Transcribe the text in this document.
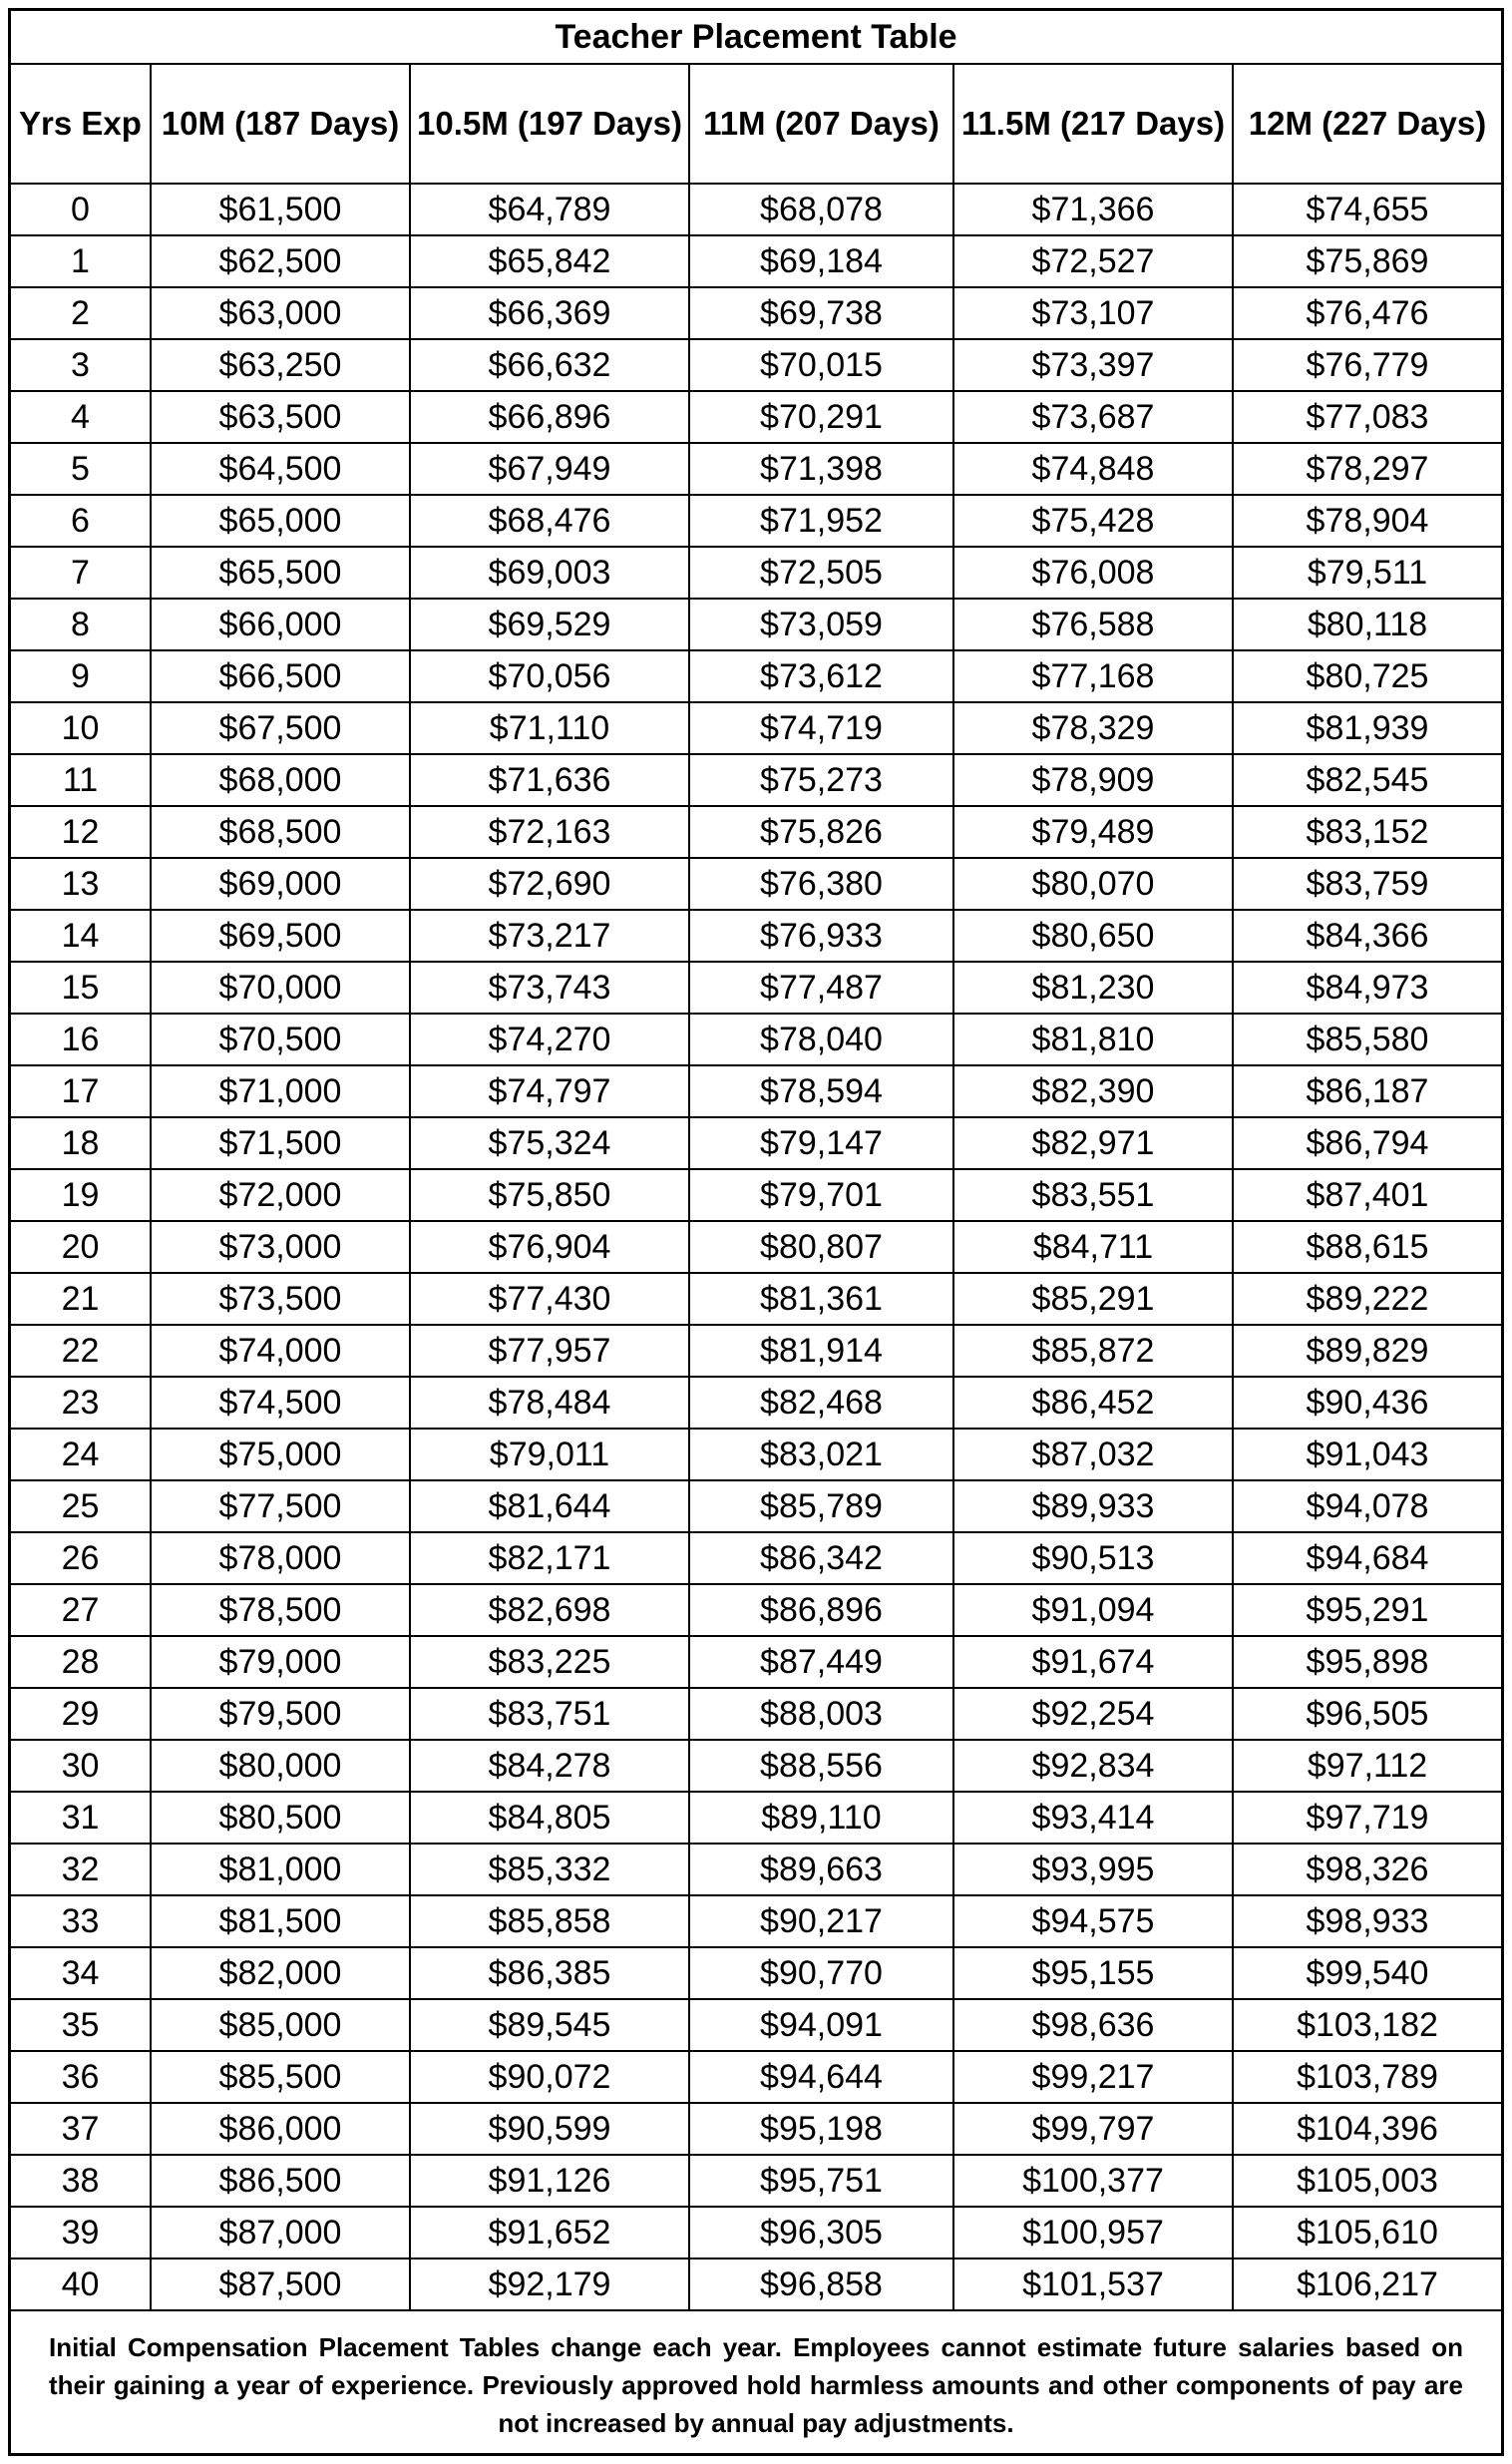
Teacher Placement Table					
Yrs Exp	10M (187 Days)	10.5M (197 Days)	11M (207 Days)	11.5M (217 Days)	12M (227 Days)
0	$61,500	$64,789	$68,078	$71,366	$74,655
1	$62,500	$65,842	$69,184	$72,527	$75,869
2	$63,000	$66,369	$69,738	$73,107	$76,476
3	$63,250	$66,632	$70,015	$73,397	$76,779
4	$63,500	$66,896	$70,291	$73,687	$77,083
5	$64,500	$67,949	$71,398	$74,848	$78,297
6	$65,000	$68,476	$71,952	$75,428	$78,904
7	$65,500	$69,003	$72,505	$76,008	$79,511
8	$66,000	$69,529	$73,059	$76,588	$80,118
9	$66,500	$70,056	$73,612	$77,168	$80,725
10	$67,500	$71,110	$74,719	$78,329	$81,939
11	$68,000	$71,636	$75,273	$78,909	$82,545
12	$68,500	$72,163	$75,826	$79,489	$83,152
13	$69,000	$72,690	$76,380	$80,070	$83,759
14	$69,500	$73,217	$76,933	$80,650	$84,366
15	$70,000	$73,743	$77,487	$81,230	$84,973
16	$70,500	$74,270	$78,040	$81,810	$85,580
17	$71,000	$74,797	$78,594	$82,390	$86,187
18	$71,500	$75,324	$79,147	$82,971	$86,794
19	$72,000	$75,850	$79,701	$83,551	$87,401
20	$73,000	$76,904	$80,807	$84,711	$88,615
21	$73,500	$77,430	$81,361	$85,291	$89,222
22	$74,000	$77,957	$81,914	$85,872	$89,829
23	$74,500	$78,484	$82,468	$86,452	$90,436
24	$75,000	$79,011	$83,021	$87,032	$91,043
25	$77,500	$81,644	$85,789	$89,933	$94,078
26	$78,000	$82,171	$86,342	$90,513	$94,684
27	$78,500	$82,698	$86,896	$91,094	$95,291
28	$79,000	$83,225	$87,449	$91,674	$95,898
29	$79,500	$83,751	$88,003	$92,254	$96,505
30	$80,000	$84,278	$88,556	$92,834	$97,112
31	$80,500	$84,805	$89,110	$93,414	$97,719
32	$81,000	$85,332	$89,663	$93,995	$98,326
33	$81,500	$85,858	$90,217	$94,575	$98,933
34	$82,000	$86,385	$90,770	$95,155	$99,540
35	$85,000	$89,545	$94,091	$98,636	$103,182
36	$85,500	$90,072	$94,644	$99,217	$103,789
37	$86,000	$90,599	$95,198	$99,797	$104,396
38	$86,500	$91,126	$95,751	$100,377	$105,003
39	$87,000	$91,652	$96,305	$100,957	$105,610
40	$87,500	$92,179	$96,858	$101,537	$106,217
Initial Compensation Placement Tables change each year. Employees cannot estimate future salaries based on their gaining a year of experience. Previously approved hold harmless amounts and other components of pay are not increased by annual pay adjustments.					
